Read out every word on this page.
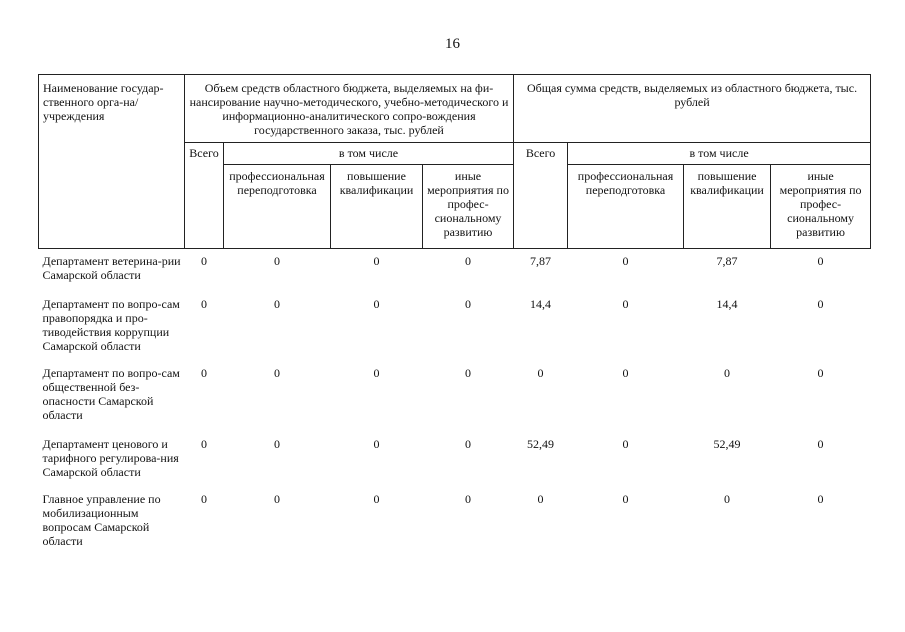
16
Наименование государ-ственного орга-на/учреждения	Объем средств областного бюджета, выделяемых на фи-нансирование научно-методического, учебно-методического и информационно-аналитического сопро-вождения государственного заказа, тыс. рублей				Общая сумма средств, выделяемых из областного бюджета, тыс. рублей			
	Всего	в том числе			Всего	в том числе		
		профессиональная переподготовка	повышение квалификации	иные мероприятия по профес-сиональному развитию		профессиональная переподготовка	повышение квалификации	иные мероприятия по профес-сиональному развитию
Департамент ветерина-рии Самарской области	0	0	0	0	7,87	0	7,87	0
Департамент по вопро-сам правопорядка и про-тиводействия коррупции Самарской области	0	0	0	0	14,4	0	14,4	0
Департамент по вопро-сам общественной без-опасности Самарской области	0	0	0	0	0	0	0	0
Департамент ценового и тарифного регулирова-ния Самарской области	0	0	0	0	52,49	0	52,49	0
Главное управление по мобилизационным вопросам Самарской области	0	0	0	0	0	0	0	0
